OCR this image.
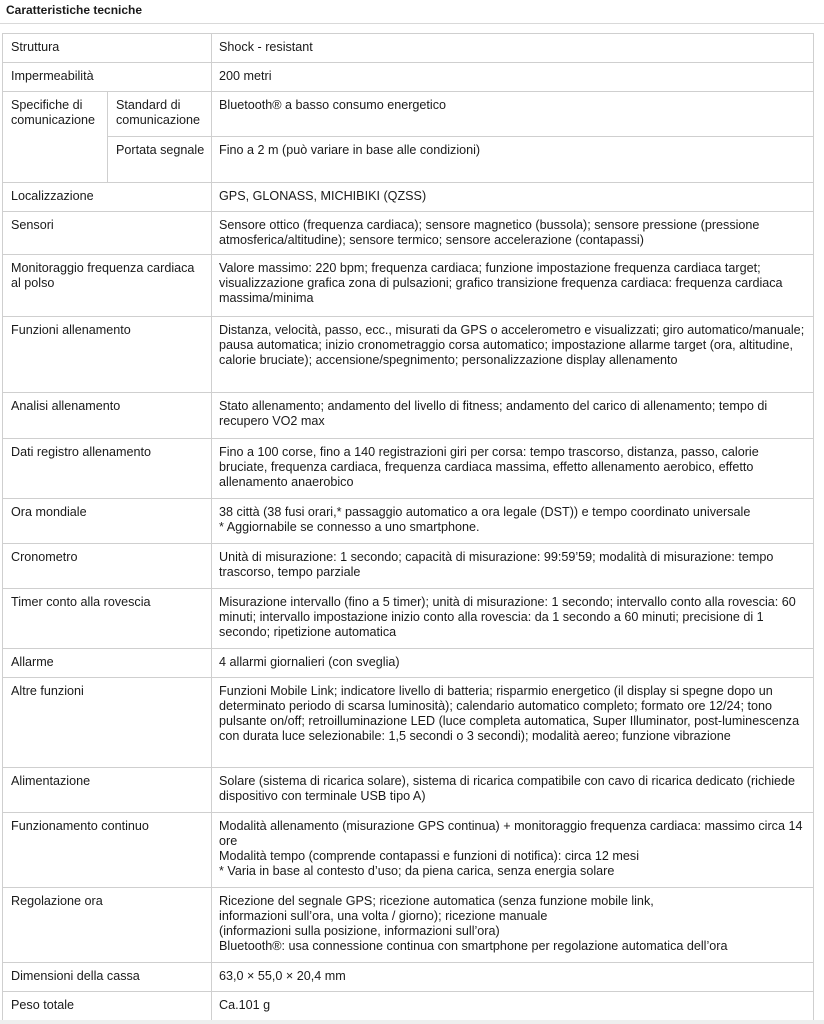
Caratteristiche tecniche
Struttura		Shock - resistant
Impermeabilità		200 metri
Specifiche di comunicazione	Standard di comunicazione	Bluetooth® a basso consumo energetico
	Portata segnale	Fino a 2 m (può variare in base alle condizioni)
Localizzazione		GPS, GLONASS, MICHIBIKI (QZSS)
Sensori		Sensore ottico (frequenza cardiaca); sensore magnetico (bussola); sensore pressione (pressione atmosferica/altitudine); sensore termico; sensore accelerazione (contapassi)
Monitoraggio frequenza cardiaca al polso		Valore massimo: 220 bpm; frequenza cardiaca; funzione impostazione frequenza cardiaca target; visualizzazione grafica zona di pulsazioni; grafico transizione frequenza cardiaca: frequenza cardiaca massima/minima
Funzioni allenamento		Distanza, velocità, passo, ecc., misurati da GPS o accelerometro e visualizzati; giro automatico/manuale; pausa automatica; inizio cronometraggio corsa automatico; impostazione allarme target (ora, altitudine, calorie bruciate); accensione/spegnimento; personalizzazione display allenamento
Analisi allenamento		Stato allenamento; andamento del livello di fitness; andamento del carico di allenamento; tempo di recupero VO2 max
Dati registro allenamento		Fino a 100 corse, fino a 140 registrazioni giri per corsa: tempo trascorso, distanza, passo, calorie bruciate, frequenza cardiaca, frequenza cardiaca massima, effetto allenamento aerobico, effetto allenamento anaerobico
Ora mondiale		38 città (38 fusi orari,* passaggio automatico a ora legale (DST)) e tempo coordinato universale
* Aggiornabile se connesso a uno smartphone.
Cronometro		Unità di misurazione: 1 secondo; capacità di misurazione: 99:59’59; modalità di misurazione: tempo trascorso, tempo parziale
Timer conto alla rovescia		Misurazione intervallo (fino a 5 timer); unità di misurazione: 1 secondo; intervallo conto alla rovescia: 60 minuti; intervallo impostazione inizio conto alla rovescia: da 1 secondo a 60 minuti; precisione di 1 secondo; ripetizione automatica
Allarme		4 allarmi giornalieri (con sveglia)
Altre funzioni		Funzioni Mobile Link; indicatore livello di batteria; risparmio energetico (il display si spegne dopo un determinato periodo di scarsa luminosità); calendario automatico completo; formato ore 12/24; tono pulsante on/off; retroilluminazione LED (luce completa automatica, Super Illuminator, post-luminescenza con durata luce selezionabile: 1,5 secondi o 3 secondi); modalità aereo; funzione vibrazione
Alimentazione		Solare (sistema di ricarica solare), sistema di ricarica compatibile con cavo di ricarica dedicato (richiede dispositivo con terminale USB tipo A)
Funzionamento continuo		Modalità allenamento (misurazione GPS continua) + monitoraggio frequenza cardiaca: massimo circa 14 ore
Modalità tempo (comprende contapassi e funzioni di notifica): circa 12 mesi
* Varia in base al contesto d’uso; da piena carica, senza energia solare
Regolazione ora		Ricezione del segnale GPS; ricezione automatica (senza funzione mobile link,
informazioni sull’ora, una volta / giorno); ricezione manuale
(informazioni sulla posizione, informazioni sull’ora)
Bluetooth®: usa connessione continua con smartphone per regolazione automatica dell’ora
Dimensioni della cassa		63,0 × 55,0 × 20,4 mm
Peso totale		Ca.101 g
